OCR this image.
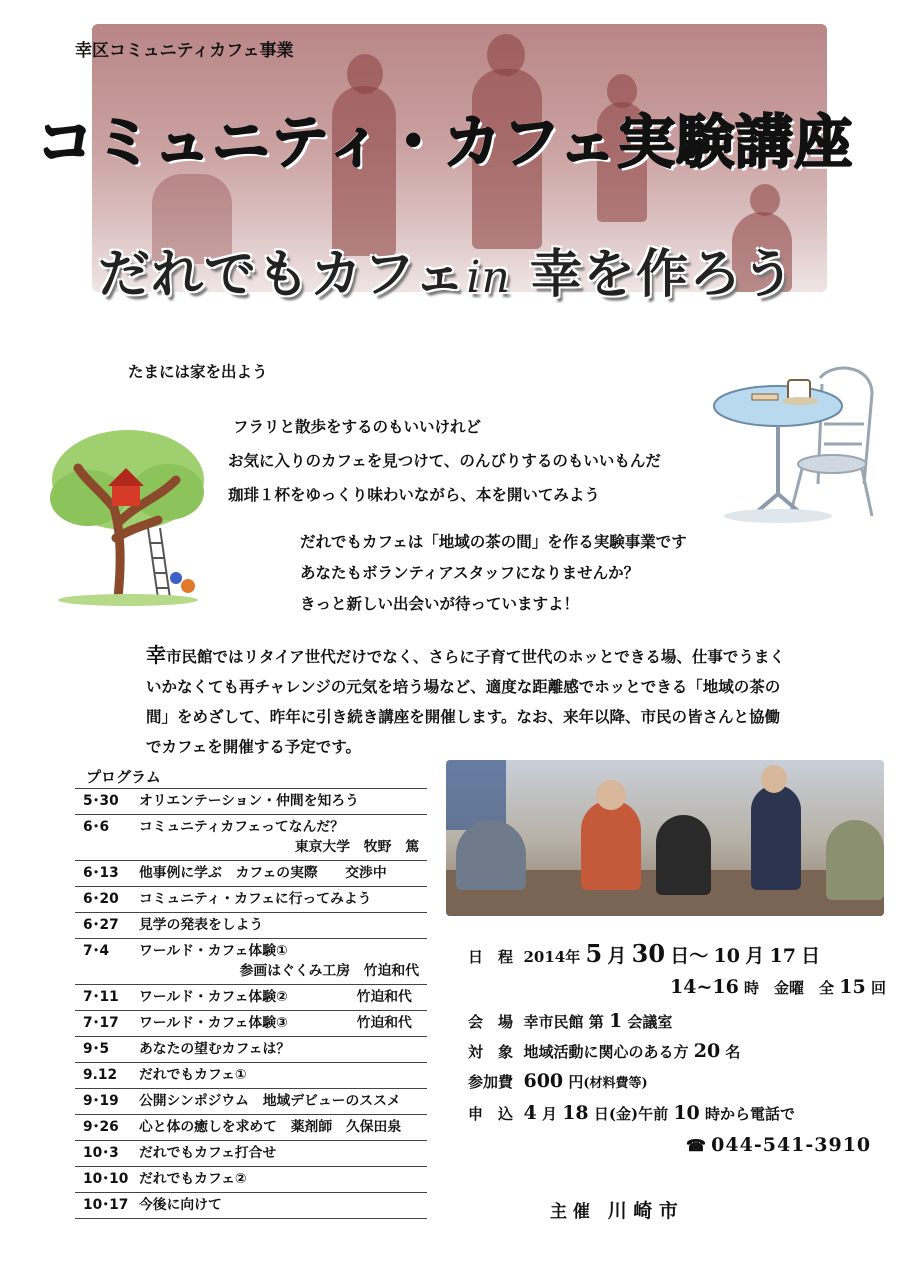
幸区コミュニティカフェ事業
コミュニティ・カフェ実験講座
だれでもカフェin 幸を作ろう
たまには家を出よう
フラリと散歩をするのもいいけれど
お気に入りのカフェを見つけて、のんびりするのもいいもんだ
珈琲１杯をゆっくり味わいながら、本を開いてみよう
だれでもカフェは「地域の茶の間」を作る実験事業です
あなたもボランティアスタッフになりませんか？
きっと新しい出会いが待っていますよ！
幸市民館ではリタイア世代だけでなく、さらに子育て世代のホッとできる場、仕事でうまく
いかなくても再チャレンジの元気を培う場など、適度な距離感でホッとできる「地域の茶の
間」をめざして、昨年に引き続き講座を開催します。なお、来年以降、市民の皆さんと協働
でカフェを開催する予定です。
プログラム
5･30 オリエンテーション・仲間を知ろう
6･6 コミュニティカフェってなんだ？
東京大学　牧野　篤
6･13 他事例に学ぶ　カフェの実際　　交渉中
6･20 コミュニティ・カフェに行ってみよう
6･27 見学の発表をしよう
7･4 ワールド・カフェ体験①
参画はぐくみ工房　竹迫和代
7･11 ワールド・カフェ体験②　　　　　竹迫和代
7･17 ワールド・カフェ体験③　　　　　竹迫和代
9･5 あなたの望むカフェは？
9.12 だれでもカフェ①
9･19 公開シンポジウム　地域デビューのススメ
9･26 心と体の癒しを求めて　薬剤師　久保田泉
10･3 だれでもカフェ打合せ
10･10 だれでもカフェ②
10･17 今後に向けて
日　程 2014年 5 月 30 日～ 10 月 17 日
14~16 時　金曜　全 15 回
会　場 幸市民館 第 1 会議室
対　象 地域活動に関心のある方 20 名
参加費 600 円(材料費等)
申　込 4 月 18 日(金)午前 10 時から電話で
☎ 044-541-3910
主 催 川 崎 市
